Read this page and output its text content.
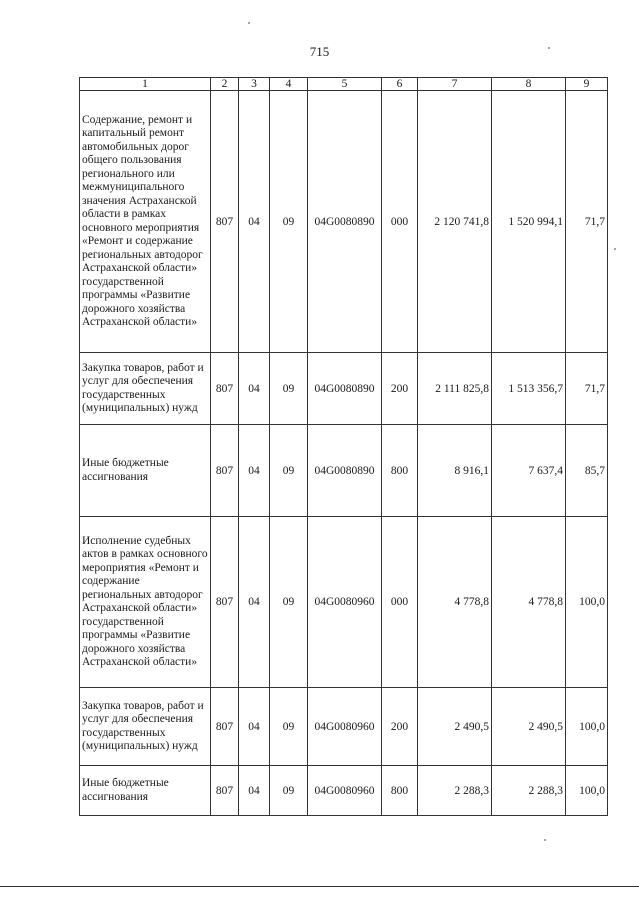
715
1	2	3	4	5	6	7	8	9
Содержание, ремонт и капитальный ремонт автомобильных дорог общего пользования регионального или межмуниципального значения Астраханской области в рамках основного мероприятия «Ремонт и содержание региональных автодорог Астраханской области» государственной программы «Развитие дорожного хозяйства Астраханской области»	807	04	09	04G0080890	000	2 120 741,8	1 520 994,1	71,7
Закупка товаров, работ и услуг для обеспечения государственных (муниципальных) нужд	807	04	09	04G0080890	200	2 111 825,8	1 513 356,7	71,7
Иные бюджетные ассигнования	807	04	09	04G0080890	800	8 916,1	7 637,4	85,7
Исполнение судебных актов в рамках основного мероприятия «Ремонт и содержание региональных автодорог Астраханской области» государственной программы «Развитие дорожного хозяйства Астраханской области»	807	04	09	04G0080960	000	4 778,8	4 778,8	100,0
Закупка товаров, работ и услуг для обеспечения государственных (муниципальных) нужд	807	04	09	04G0080960	200	2 490,5	2 490,5	100,0
Иные бюджетные ассигнования	807	04	09	04G0080960	800	2 288,3	2 288,3	100,0
